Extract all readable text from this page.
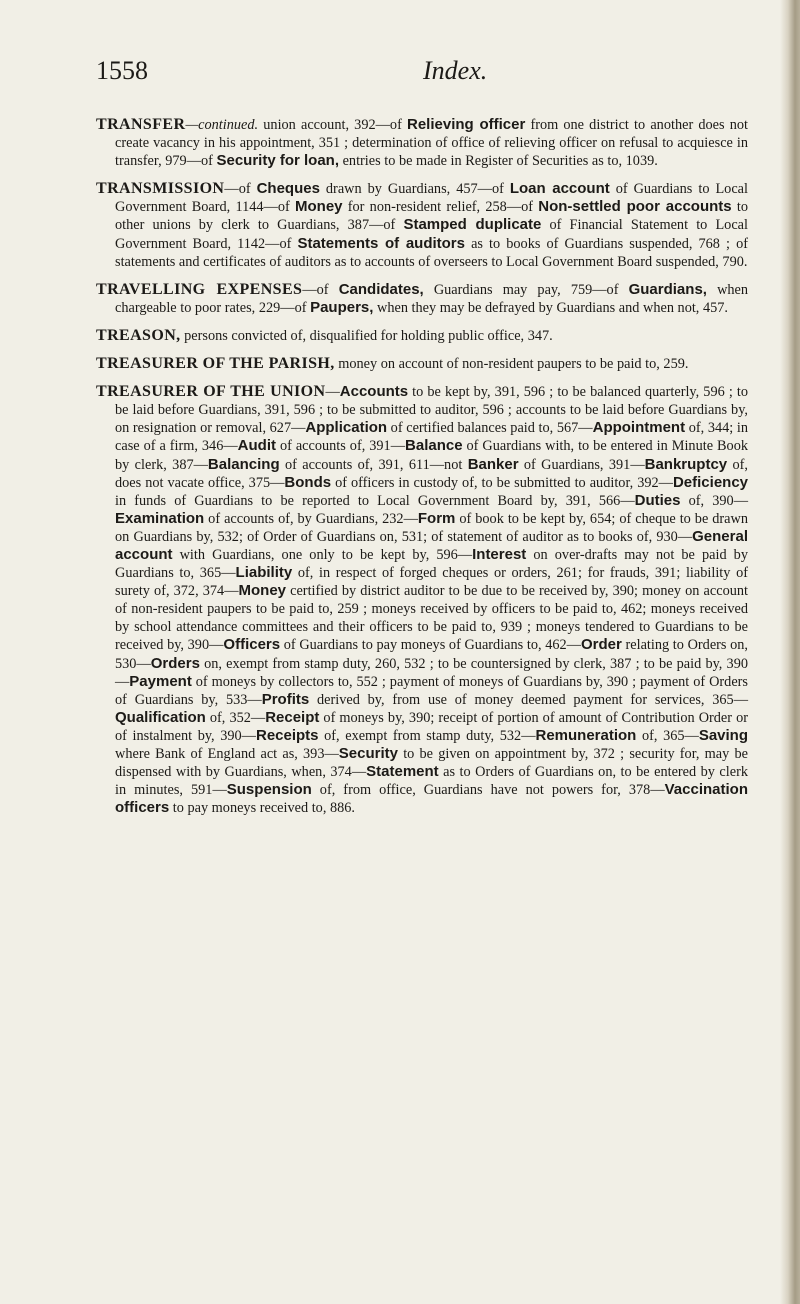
1558	Index.

TRANSFER—continued. union account, 392—of Relieving officer from one district to another does not create vacancy in his appointment, 351 ; determination of office of relieving officer on refusal to acquiesce in transfer, 979—of Security for loan, entries to be made in Register of Securities as to, 1039.

TRANSMISSION—of Cheques drawn by Guardians, 457—of Loan account of Guardians to Local Government Board, 1144—of Money for non-resident relief, 258—of Non-settled poor accounts to other unions by clerk to Guardians, 387—of Stamped duplicate of Financial Statement to Local Government Board, 1142—of Statements of auditors as to books of Guardians suspended, 768 ; of statements and certificates of auditors as to accounts of overseers to Local Government Board suspended, 790.

TRAVELLING EXPENSES—of Candidates, Guardians may pay, 759—of Guardians, when chargeable to poor rates, 229—of Paupers, when they may be defrayed by Guardians and when not, 457.

TREASON, persons convicted of, disqualified for holding public office, 347.

TREASURER OF THE PARISH, money on account of non-resident paupers to be paid to, 259.

TREASURER OF THE UNION—Accounts to be kept by, 391, 596 ; to be balanced quarterly, 596 ; to be laid before Guardians, 391, 596 ; to be submitted to auditor, 596 ; accounts to be laid before Guardians by, on resignation or removal, 627—Application of certified balances paid to, 567—Appointment of, 344; in case of a firm, 346—Audit of accounts of, 391—Balance of Guardians with, to be entered in Minute Book by clerk, 387—Balancing of accounts of, 391, 611—not Banker of Guardians, 391—Bankruptcy of, does not vacate office, 375—Bonds of officers in custody of, to be submitted to auditor, 392—Deficiency in funds of Guardians to be reported to Local Government Board by, 391, 566—Duties of, 390—Examination of accounts of, by Guardians, 232—Form of book to be kept by, 654; of cheque to be drawn on Guardians by, 532; of Order of Guardians on, 531; of statement of auditor as to books of, 930—General account with Guardians, one only to be kept by, 596—Interest on over-drafts may not be paid by Guardians to, 365—Liability of, in respect of forged cheques or orders, 261; for frauds, 391; liability of surety of, 372, 374—Money certified by district auditor to be due to be received by, 390; money on account of non-resident paupers to be paid to, 259 ; moneys received by officers to be paid to, 462; moneys received by school attendance committees and their officers to be paid to, 939 ; moneys tendered to Guardians to be received by, 390—Officers of Guardians to pay moneys of Guardians to, 462—Order relating to Orders on, 530—Orders on, exempt from stamp duty, 260, 532 ; to be countersigned by clerk, 387 ; to be paid by, 390—Payment of moneys by collectors to, 552 ; payment of moneys of Guardians by, 390 ; payment of Orders of Guardians by, 533—Profits derived by, from use of money deemed payment for services, 365—Qualification of, 352—Receipt of moneys by, 390; receipt of portion of amount of Contribution Order or of instalment by, 390—Receipts of, exempt from stamp duty, 532—Remuneration of, 365—Saving where Bank of England act as, 393—Security to be given on appointment by, 372 ; security for, may be dispensed with by Guardians, when, 374—Statement as to Orders of Guardians on, to be entered by clerk in minutes, 591—Suspension of, from office, Guardians have not powers for, 378—Vaccination officers to pay moneys received to, 886.
